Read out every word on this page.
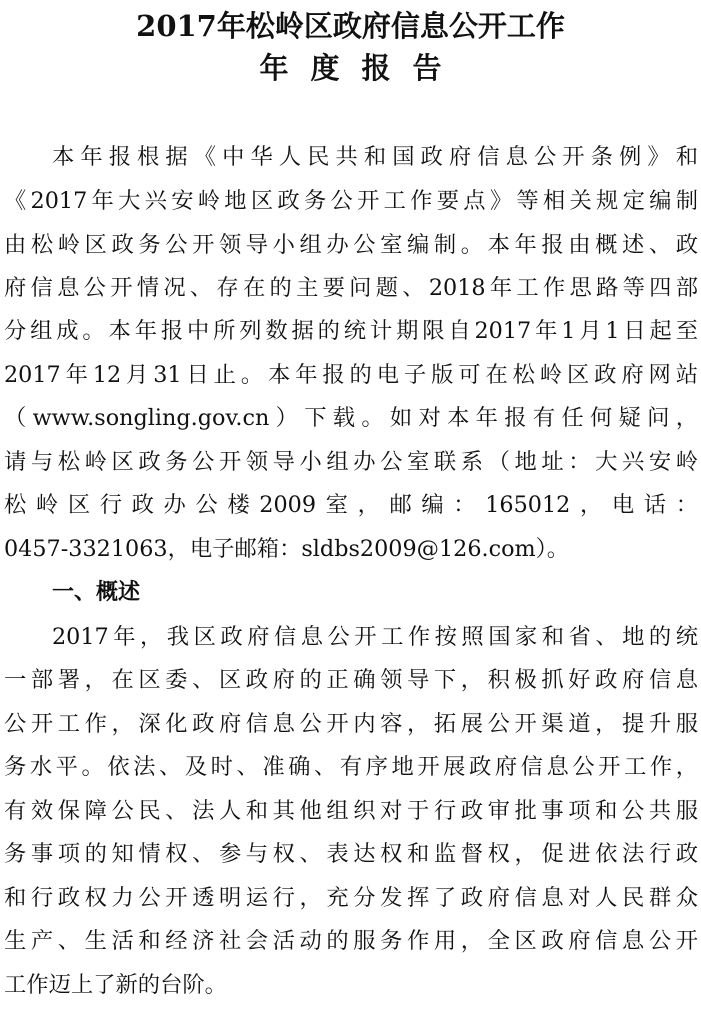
2017年松岭区政府信息公开工作
年度报告
本年报根据《中华人民共和国政府信息公开条例》和
《2017年大兴安岭地区政务公开工作要点》等相关规定编制
由松岭区政务公开领导小组办公室编制。本年报由概述、政
府信息公开情况、存在的主要问题、2018年工作思路等四部
分组成。本年报中所列数据的统计期限自2017年1月1日起至
2017年12月31日止。本年报的电子版可在松岭区政府网站
（www.songling.gov.cn）下载。如对本年报有任何疑问，
请与松岭区政务公开领导小组办公室联系（地址：大兴安岭
松岭区行政办公楼2009室，邮编：165012，电话：
0457-3321063，电子邮箱：sldbs2009@126.com）。
一、概述
2017年，我区政府信息公开工作按照国家和省、地的统
一部署，在区委、区政府的正确领导下，积极抓好政府信息
公开工作，深化政府信息公开内容，拓展公开渠道，提升服
务水平。依法、及时、准确、有序地开展政府信息公开工作，
有效保障公民、法人和其他组织对于行政审批事项和公共服
务事项的知情权、参与权、表达权和监督权，促进依法行政
和行政权力公开透明运行，充分发挥了政府信息对人民群众
生产、生活和经济社会活动的服务作用，全区政府信息公开
工作迈上了新的台阶。
